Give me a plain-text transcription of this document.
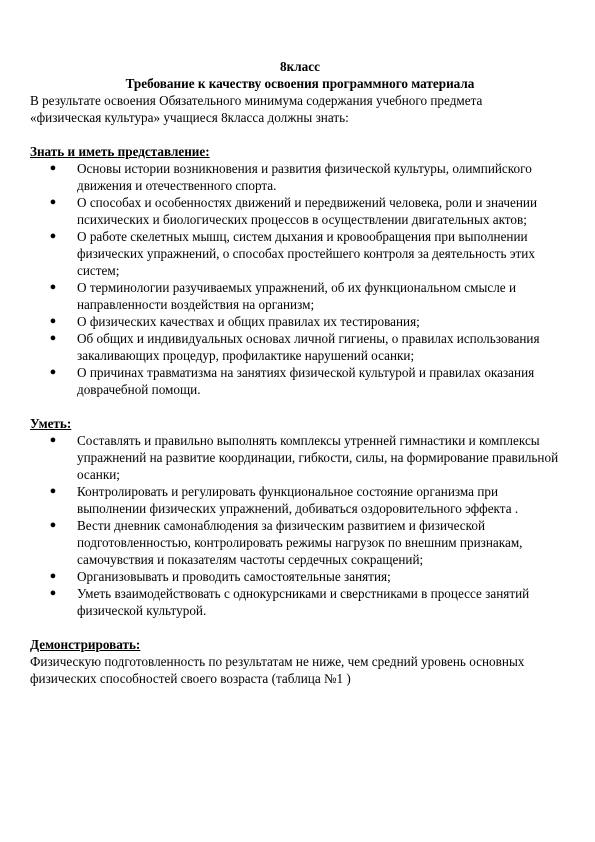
8класс
Требование к качеству освоения программного материала
В результате освоения Обязательного минимума содержания учебного предмета
«физическая культура» учащиеся 8класса должны знать:
Знать и иметь представление:
● Основы истории возникновения и развития физической культуры, олимпийского движения и отечественного спорта.
● О способах и особенностях движений и передвижений человека, роли и значении психических и биологических процессов в осуществлении двигательных актов;
● О работе скелетных мышц, систем дыхания и кровообращения при выполнении физических упражнений, о способах простейшего контроля за деятельность этих систем;
● О терминологии разучиваемых упражнений, об их функциональном смысле и направленности воздействия на организм;
● О физических качествах и общих правилах их тестирования;
● Об общих и индивидуальных основах личной гигиены, о правилах использования закаливающих процедур, профилактике нарушений осанки;
● О причинах травматизма на занятиях физической культурой и правилах оказания доврачебной помощи.
Уметь:
● Составлять и правильно выполнять комплексы утренней гимнастики и комплексы упражнений на развитие координации, гибкости, силы, на формирование правильной осанки;
● Контролировать и регулировать функциональное состояние организма при выполнении физических упражнений, добиваться оздоровительного эффекта .
● Вести дневник самонаблюдения за физическим развитием и физической подготовленностью, контролировать режимы нагрузок по внешним признакам, самочувствия и показателям частоты сердечных сокращений;
● Организовывать и проводить самостоятельные занятия;
● Уметь взаимодействовать с однокурсниками и сверстниками в процессе занятий физической культурой.
Демонстрировать:
Физическую подготовленность по результатам не ниже, чем средний уровень основных физических способностей своего возраста (таблица №1 )
